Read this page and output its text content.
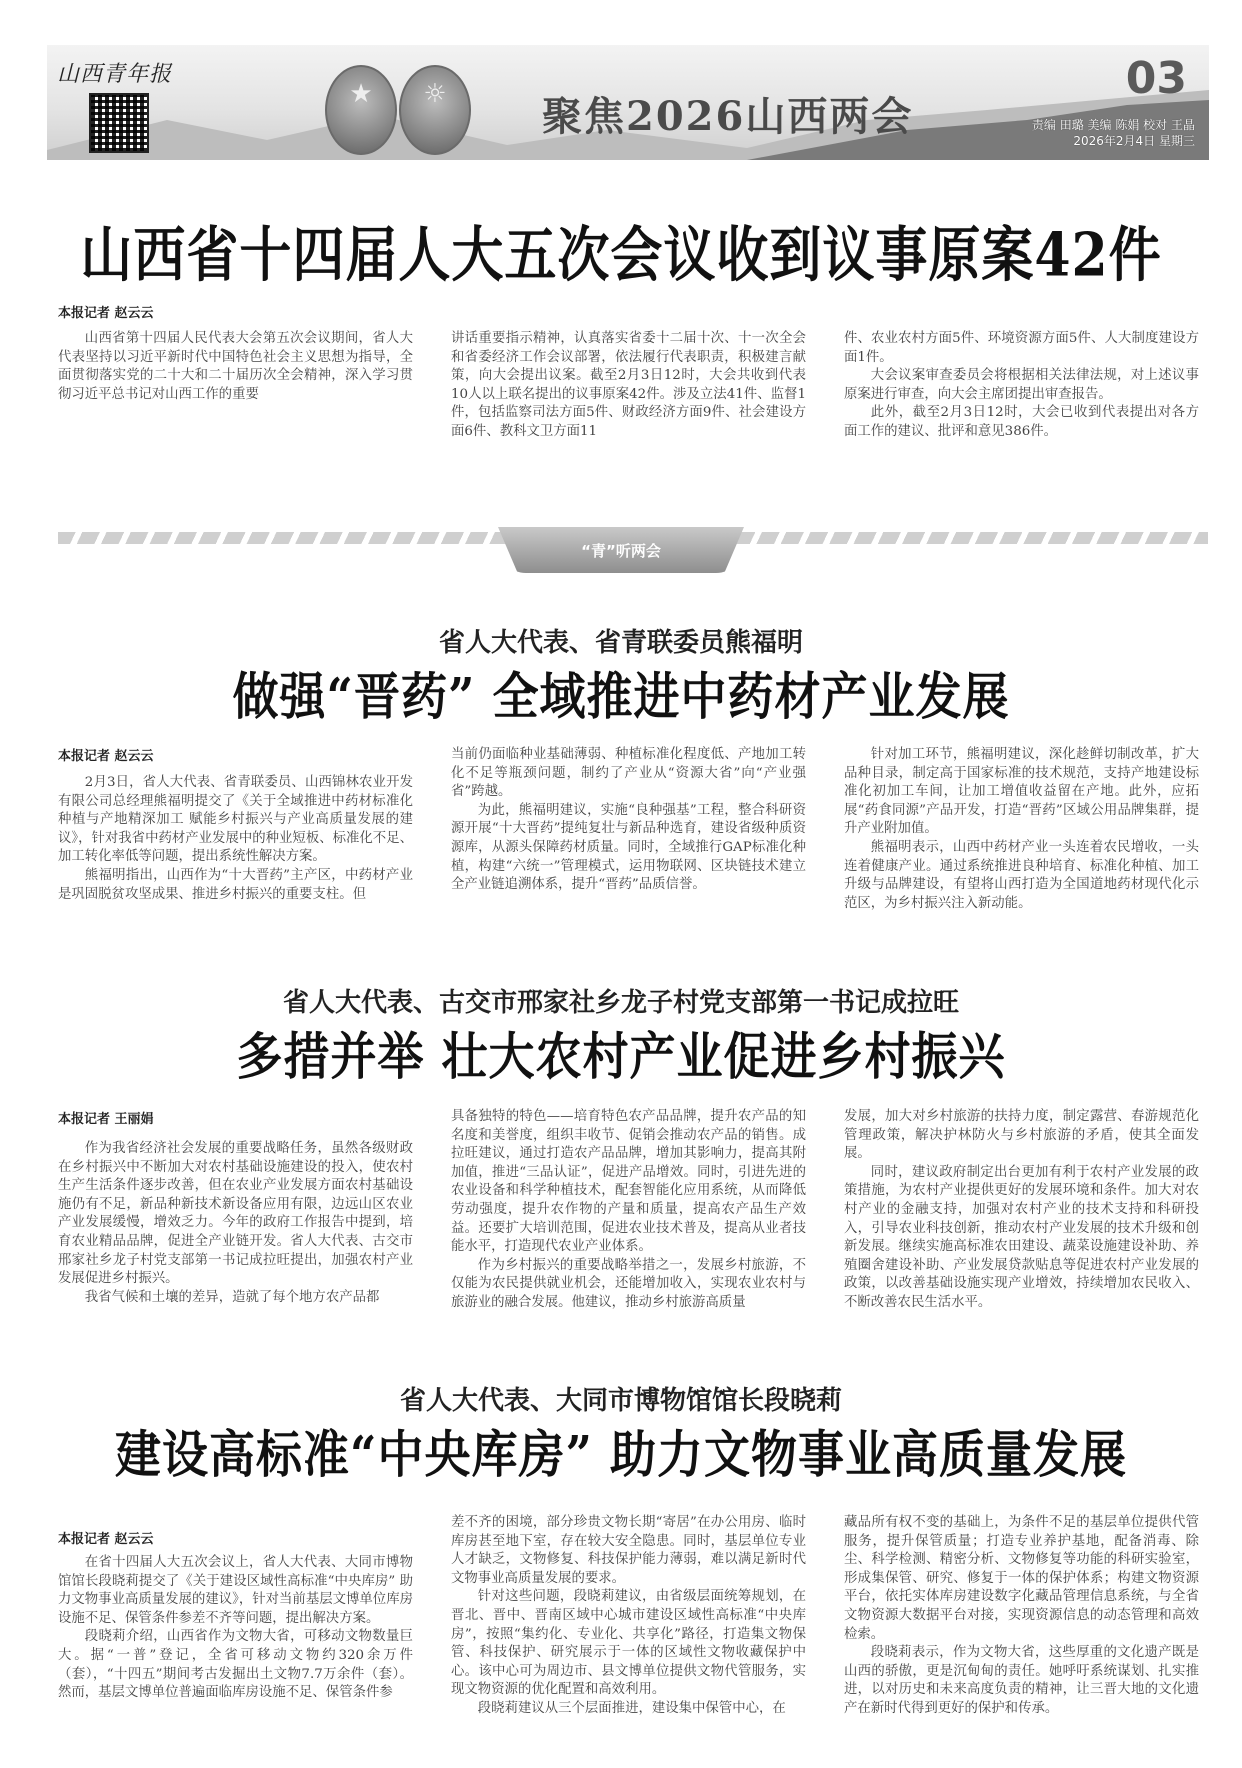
山西青年报
★	☼	聚焦2026山西两会
03
责编 田璐 美编 陈娟 校对 王晶
2026年2月4日 星期三
山西省十四届人大五次会议收到议事原案42件
本报记者 赵云云

山西省第十四届人民代表大会第五次会议期间，省人大代表坚持以习近平新时代中国特色社会主义思想为指导，全面贯彻落实党的二十大和二十届历次全会精神，深入学习贯彻习近平总书记对山西工作的重要

讲话重要指示精神，认真落实省委十二届十次、十一次全会和省委经济工作会议部署，依法履行代表职责，积极建言献策，向大会提出议案。截至2月3日12时，大会共收到代表10人以上联名提出的议事原案42件。涉及立法41件、监督1件，包括监察司法方面5件、财政经济方面9件、社会建设方面6件、教科文卫方面11

件、农业农村方面5件、环境资源方面5件、人大制度建设方面1件。

大会议案审查委员会将根据相关法律法规，对上述议事原案进行审查，向大会主席团提出审查报告。

此外，截至2月3日12时，大会已收到代表提出对各方面工作的建议、批评和意见386件。

“青”听两会
省人大代表、省青联委员熊福明
做强“晋药” 全域推进中药材产业发展
本报记者 赵云云

2月3日，省人大代表、省青联委员、山西锦林农业开发有限公司总经理熊福明提交了《关于全域推进中药材标准化种植与产地精深加工 赋能乡村振兴与产业高质量发展的建议》，针对我省中药材产业发展中的种业短板、标准化不足、加工转化率低等问题，提出系统性解决方案。

熊福明指出，山西作为“十大晋药”主产区，中药材产业是巩固脱贫攻坚成果、推进乡村振兴的重要支柱。但

当前仍面临种业基础薄弱、种植标准化程度低、产地加工转化不足等瓶颈问题，制约了产业从“资源大省”向“产业强省”跨越。

为此，熊福明建议，实施“良种强基”工程，整合科研资源开展“十大晋药”提纯复壮与新品种选育，建设省级种质资源库，从源头保障药材质量。同时，全域推行GAP标准化种植，构建“六统一”管理模式，运用物联网、区块链技术建立全产业链追溯体系，提升“晋药”品质信誉。

针对加工环节，熊福明建议，深化趁鲜切制改革，扩大品种目录，制定高于国家标准的技术规范，支持产地建设标准化初加工车间，让加工增值收益留在产地。此外，应拓展“药食同源”产品开发，打造“晋药”区域公用品牌集群，提升产业附加值。

熊福明表示，山西中药材产业一头连着农民增收，一头连着健康产业。通过系统推进良种培育、标准化种植、加工升级与品牌建设，有望将山西打造为全国道地药材现代化示范区，为乡村振兴注入新动能。

省人大代表、古交市邢家社乡龙子村党支部第一书记成拉旺
多措并举 壮大农村产业促进乡村振兴
本报记者 王丽娟

作为我省经济社会发展的重要战略任务，虽然各级财政在乡村振兴中不断加大对农村基础设施建设的投入，使农村生产生活条件逐步改善，但在农业产业发展方面农村基础设施仍有不足，新品种新技术新设备应用有限，边远山区农业产业发展缓慢，增效乏力。今年的政府工作报告中提到，培育农业精品品牌，促进全产业链开发。省人大代表、古交市邢家社乡龙子村党支部第一书记成拉旺提出，加强农村产业发展促进乡村振兴。

我省气候和土壤的差异，造就了每个地方农产品都

具备独特的特色——培育特色农产品品牌，提升农产品的知名度和美誉度，组织丰收节、促销会推动农产品的销售。成拉旺建议，通过打造农产品品牌，增加其影响力，提高其附加值，推进“三品认证”，促进产品增效。同时，引进先进的农业设备和科学种植技术，配套智能化应用系统，从而降低劳动强度，提升农作物的产量和质量，提高农产品生产效益。还要扩大培训范围，促进农业技术普及，提高从业者技能水平，打造现代农业产业体系。

作为乡村振兴的重要战略举措之一，发展乡村旅游，不仅能为农民提供就业机会，还能增加收入，实现农业农村与旅游业的融合发展。他建议，推动乡村旅游高质量

发展，加大对乡村旅游的扶持力度，制定露营、春游规范化管理政策，解决护林防火与乡村旅游的矛盾，使其全面发展。

同时，建议政府制定出台更加有利于农村产业发展的政策措施，为农村产业提供更好的发展环境和条件。加大对农村产业的金融支持，加强对农村产业的技术支持和科研投入，引导农业科技创新，推动农村产业发展的技术升级和创新发展。继续实施高标准农田建设、蔬菜设施建设补助、养殖圈舍建设补助、产业发展贷款贴息等促进农村产业发展的政策，以改善基础设施实现产业增效，持续增加农民收入、不断改善农民生活水平。

省人大代表、大同市博物馆馆长段晓莉
建设高标准“中央库房” 助力文物事业高质量发展
本报记者 赵云云

在省十四届人大五次会议上，省人大代表、大同市博物馆馆长段晓莉提交了《关于建设区域性高标准“中央库房” 助力文物事业高质量发展的建议》，针对当前基层文博单位库房设施不足、保管条件参差不齐等问题，提出解决方案。

段晓莉介绍，山西省作为文物大省，可移动文物数量巨大。据“一普”登记，全省可移动文物约320余万件（套），“十四五”期间考古发掘出土文物7.7万余件（套）。然而，基层文博单位普遍面临库房设施不足、保管条件参

差不齐的困境，部分珍贵文物长期“寄居”在办公用房、临时库房甚至地下室，存在较大安全隐患。同时，基层单位专业人才缺乏，文物修复、科技保护能力薄弱，难以满足新时代文物事业高质量发展的要求。

针对这些问题，段晓莉建议，由省级层面统筹规划，在晋北、晋中、晋南区域中心城市建设区域性高标准“中央库房”，按照“集约化、专业化、共享化”路径，打造集文物保管、科技保护、研究展示于一体的区域性文物收藏保护中心。该中心可为周边市、县文博单位提供文物代管服务，实现文物资源的优化配置和高效利用。

段晓莉建议从三个层面推进，建设集中保管中心，在

藏品所有权不变的基础上，为条件不足的基层单位提供代管服务，提升保管质量；打造专业养护基地，配备消毒、除尘、科学检测、精密分析、文物修复等功能的科研实验室，形成集保管、研究、修复于一体的保护体系；构建文物资源平台，依托实体库房建设数字化藏品管理信息系统，与全省文物资源大数据平台对接，实现资源信息的动态管理和高效检索。

段晓莉表示，作为文物大省，这些厚重的文化遗产既是山西的骄傲，更是沉甸甸的责任。她呼吁系统谋划、扎实推进，以对历史和未来高度负责的精神，让三晋大地的文化遗产在新时代得到更好的保护和传承。
